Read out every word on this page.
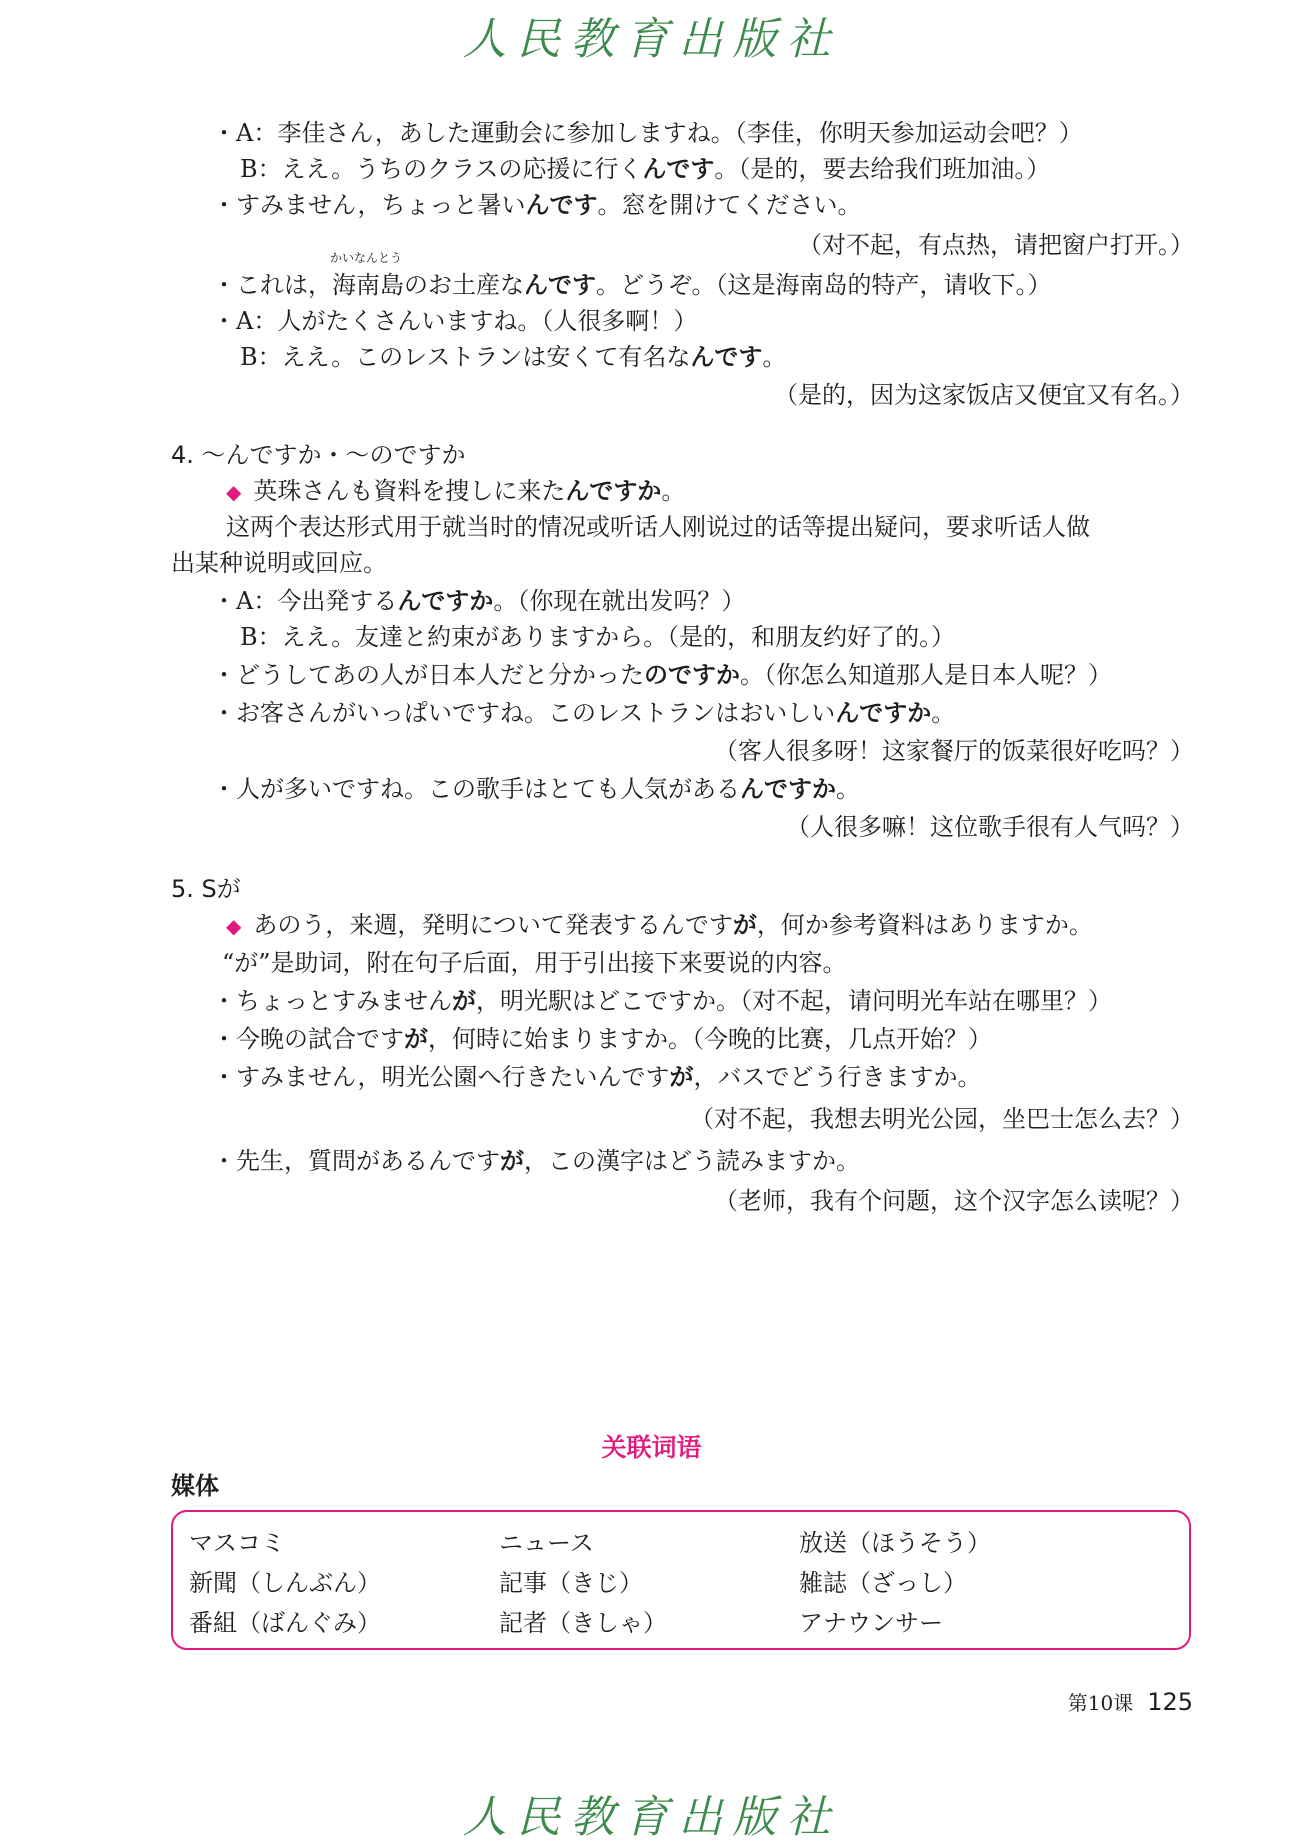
人民教育出版社
・A：李佳さん，あした運動会に参加しますね。（李佳，你明天参加运动会吧？）
B：ええ。うちのクラスの応援に行くんです。（是的，要去给我们班加油。）
・すみません，ちょっと暑いんです。窓を開けてください。
（对不起，有点热，请把窗户打开。）
・これは，
かいなんとう
海南島のお土産なんです。どうぞ。（这是海南岛的特产，请收下。）
・A：人がたくさんいますね。（人很多啊！）
B：ええ。このレストランは安くて有名なんです。
（是的，因为这家饭店又便宜又有名。）
4. 〜んですか・〜のですか
◆ 英珠さんも資料を捜しに来たんですか。
这两个表达形式用于就当时的情况或听话人刚说过的话等提出疑问，要求听话人做
出某种说明或回应。
・A：今出発するんですか。（你现在就出发吗？）
B：ええ。友達と約束がありますから。（是的，和朋友约好了的。）
・どうしてあの人が日本人だと分かったのですか。（你怎么知道那人是日本人呢？）
・お客さんがいっぱいですね。このレストランはおいしいんですか。
（客人很多呀！这家餐厅的饭菜很好吃吗？）
・人が多いですね。この歌手はとても人気があるんですか。
（人很多嘛！这位歌手很有人气吗？）
5. Sが
◆ あのう，来週，発明について発表するんですが，何か参考資料はありますか。
“が”是助词，附在句子后面，用于引出接下来要说的内容。
・ちょっとすみませんが，明光駅はどこですか。（对不起，请问明光车站在哪里？）
・今晩の試合ですが，何時に始まりますか。（今晚的比赛，几点开始？）
・すみません，明光公園へ行きたいんですが，バスでどう行きますか。
（对不起，我想去明光公园，坐巴士怎么去？）
・先生，質問があるんですが，この漢字はどう読みますか。
（老师，我有个问题，这个汉字怎么读呢？）
关联词语
媒体
マスコミ	ニュース	放送（ほうそう）
新聞（しんぶん）	記事（きじ）	雑誌（ざっし）
番組（ばんぐみ）	記者（きしゃ）	アナウンサー
第10课 125
人民教育出版社
